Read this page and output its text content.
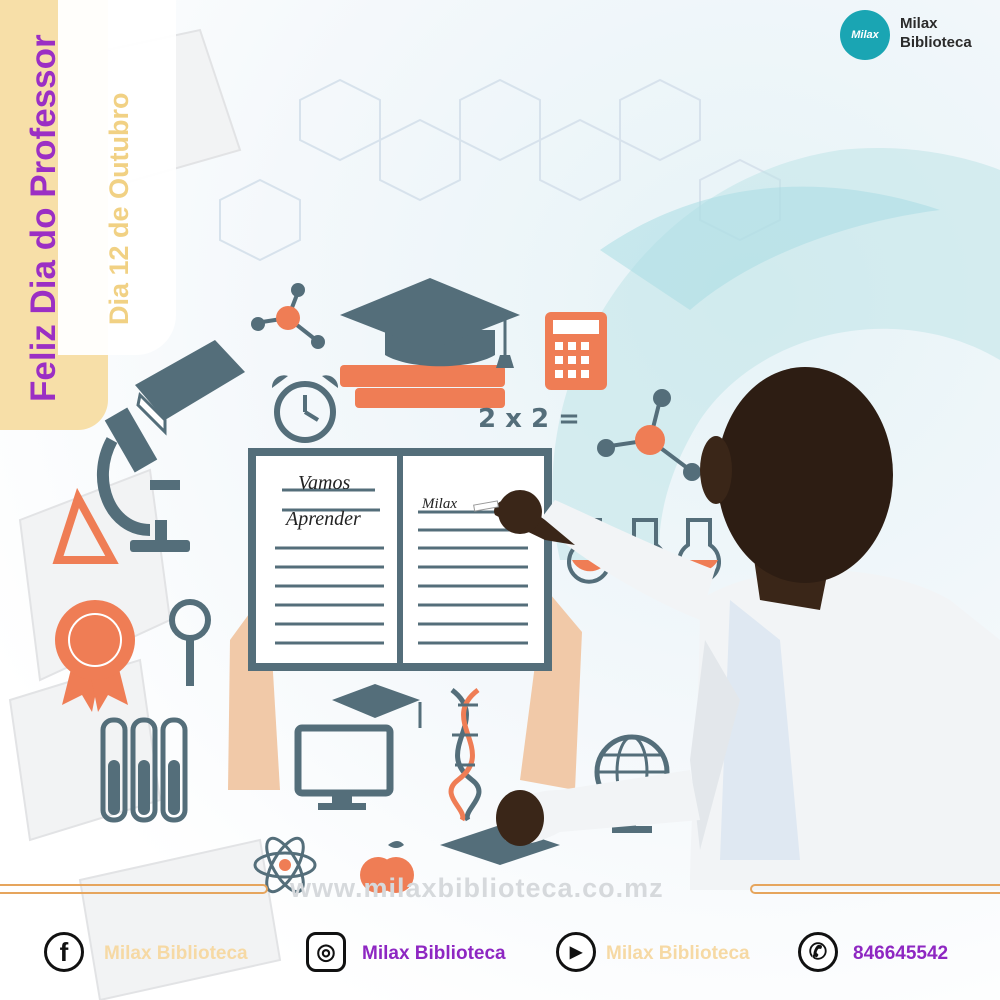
Feliz Dia do Professor Dia 12 de Outubro
Milax
Milax
Biblioteca
Vamos
Aprender
Milax
2 x 2 =
www.milaxbiblioteca.co.mz
f	Milax Biblioteca	◎	Milax Biblioteca	▶	Milax Biblioteca	✆	846645542
